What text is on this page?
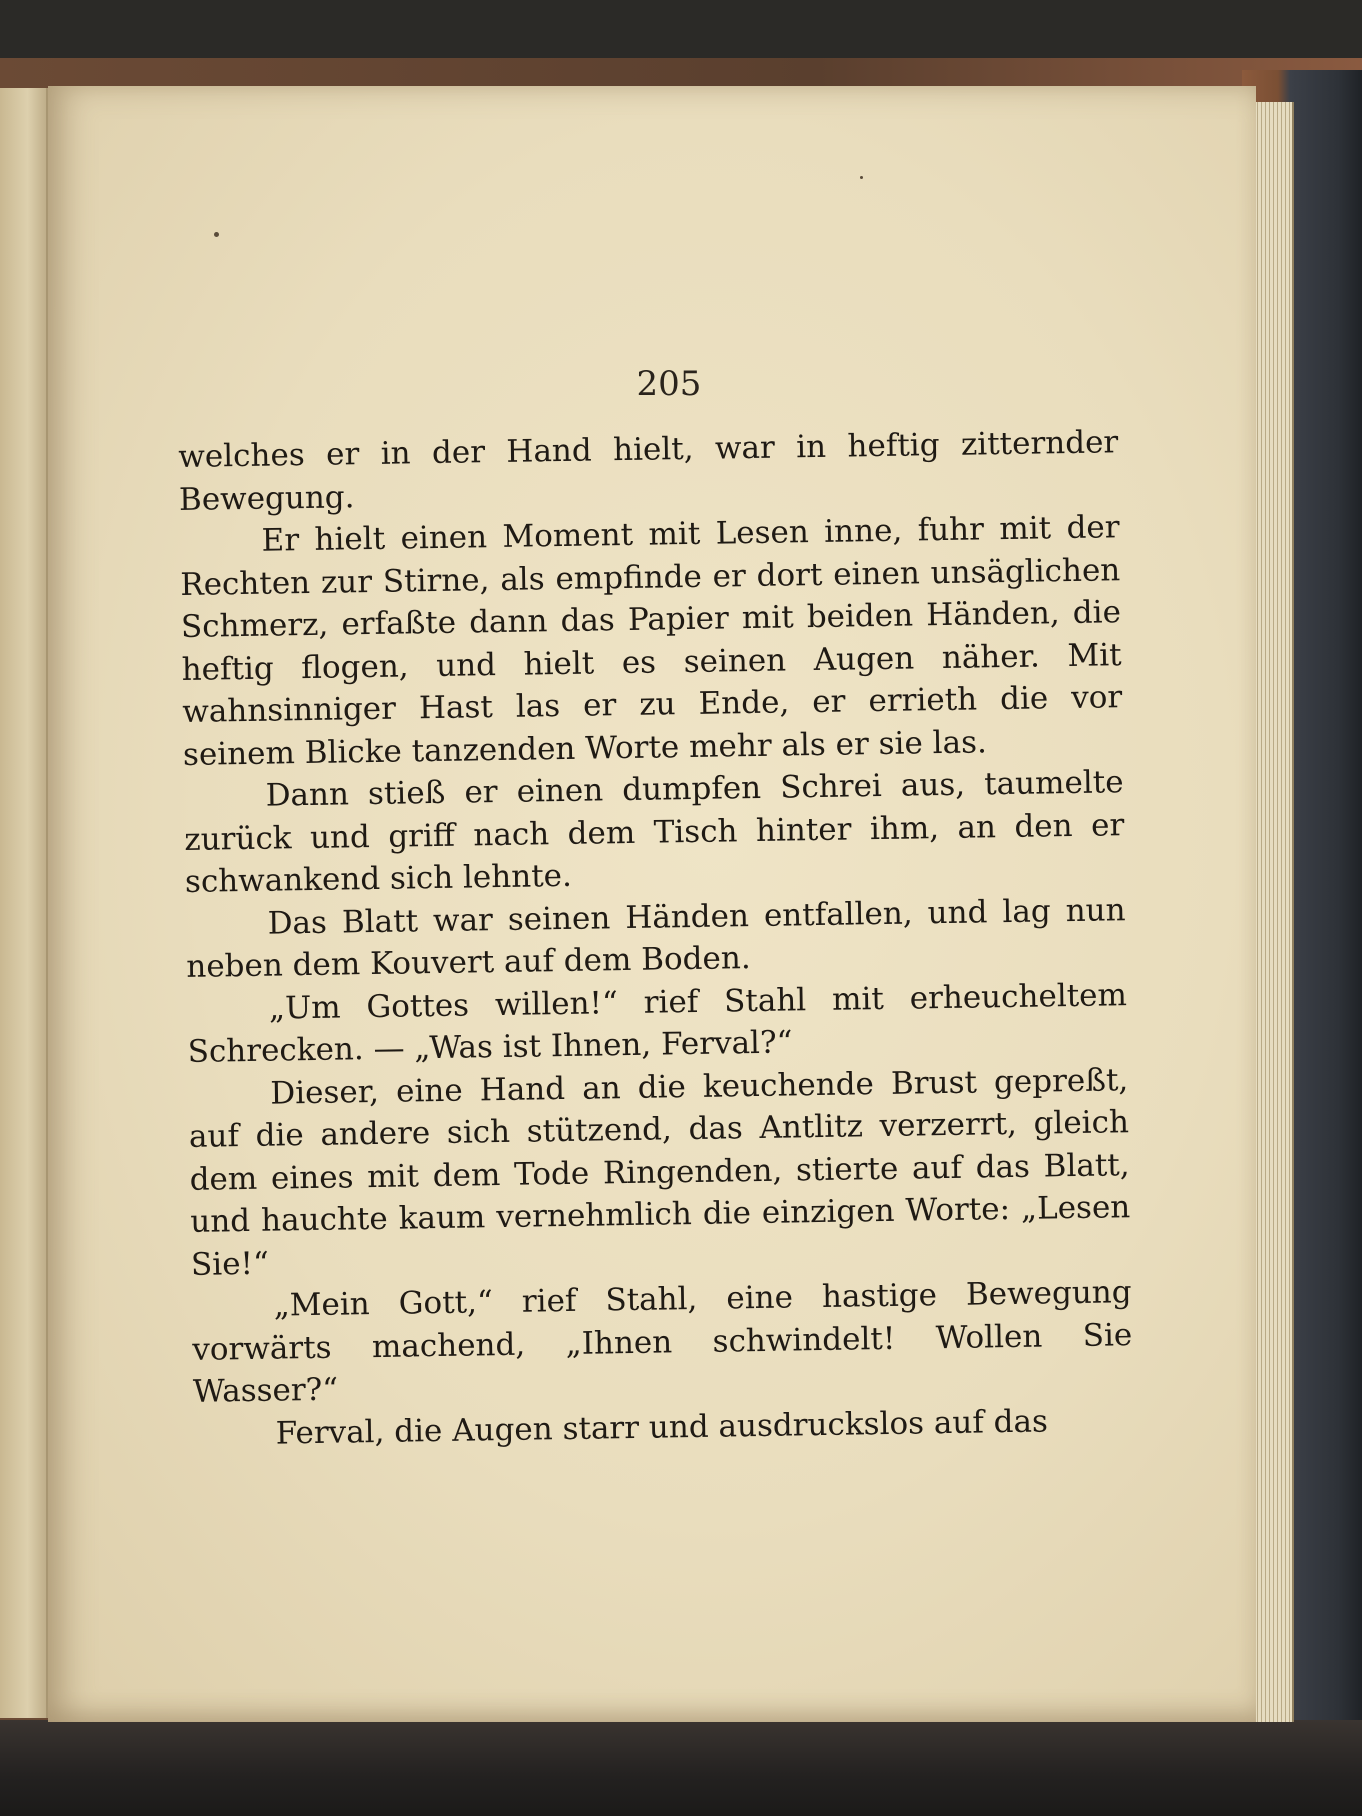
205

welches er in der Hand hielt, war in heftig zitternder Bewegung.

Er hielt einen Moment mit Lesen inne, fuhr mit der Rechten zur Stirne, als empfinde er dort einen unsäglichen Schmerz, erfaßte dann das Papier mit beiden Händen, die heftig flogen, und hielt es seinen Augen näher. Mit wahnsinniger Hast las er zu Ende, er errieth die vor seinem Blicke tanzenden Worte mehr als er sie las.

Dann stieß er einen dumpfen Schrei aus, taumelte zurück und griff nach dem Tisch hinter ihm, an den er schwankend sich lehnte.

Das Blatt war seinen Händen entfallen, und lag nun neben dem Kouvert auf dem Boden.

„Um Gottes willen!“ rief Stahl mit erheucheltem Schrecken. — „Was ist Ihnen, Ferval?“

Dieser, eine Hand an die keuchende Brust gepreßt, auf die andere sich stützend, das Antlitz verzerrt, gleich dem eines mit dem Tode Ringenden, stierte auf das Blatt, und hauchte kaum vernehmlich die einzigen Worte: „Lesen Sie!“

„Mein Gott,“ rief Stahl, eine hastige Bewegung vorwärts machend, „Ihnen schwindelt! Wollen Sie Wasser?“

Ferval, die Augen starr und ausdruckslos auf das
